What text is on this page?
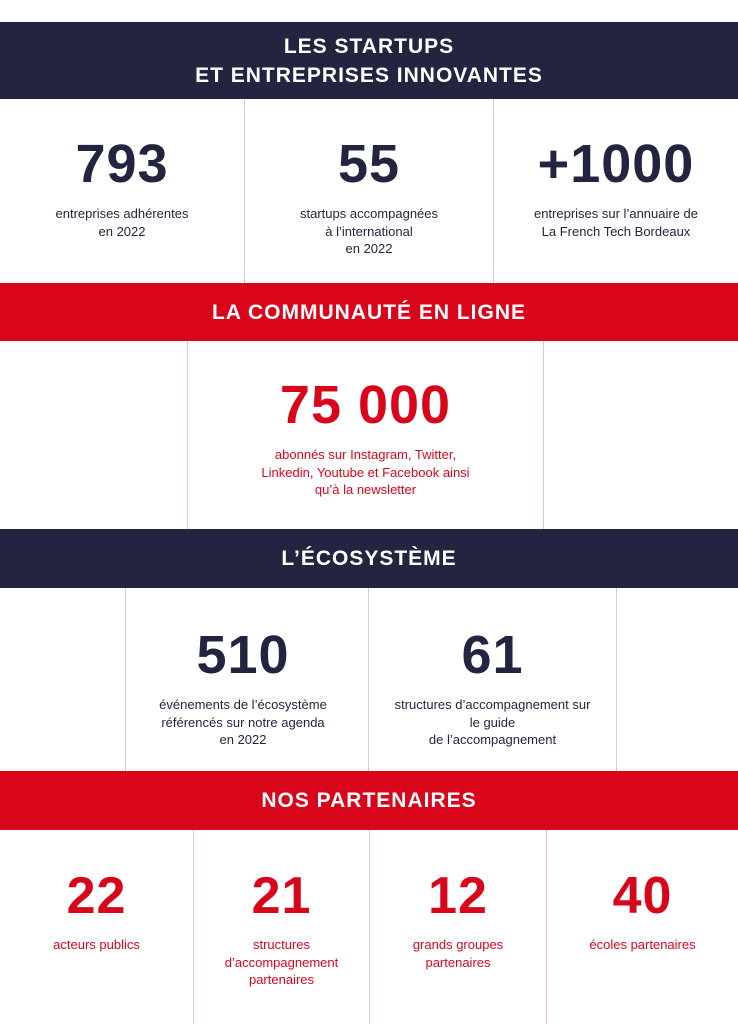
LES STARTUPS
ET ENTREPRISES INNOVANTES
793
entreprises adhérentes
en 2022
55
startups accompagnées
à l’international
en 2022
+1000
entreprises sur l’annuaire de
La French Tech Bordeaux
LA COMMUNAUTÉ EN LIGNE
75 000
abonnés sur Instagram, Twitter,
Linkedin, Youtube et Facebook ainsi
qu’à la newsletter
L’ÉCOSYSTÈME
510
événements de l’écosystème
référencés sur notre agenda
en 2022
61
structures d’accompagnement sur
le guide
de l’accompagnement
NOS PARTENAIRES
22
acteurs publics
21
structures
d’accompagnement
partenaires
12
grands groupes
partenaires
40
écoles partenaires
